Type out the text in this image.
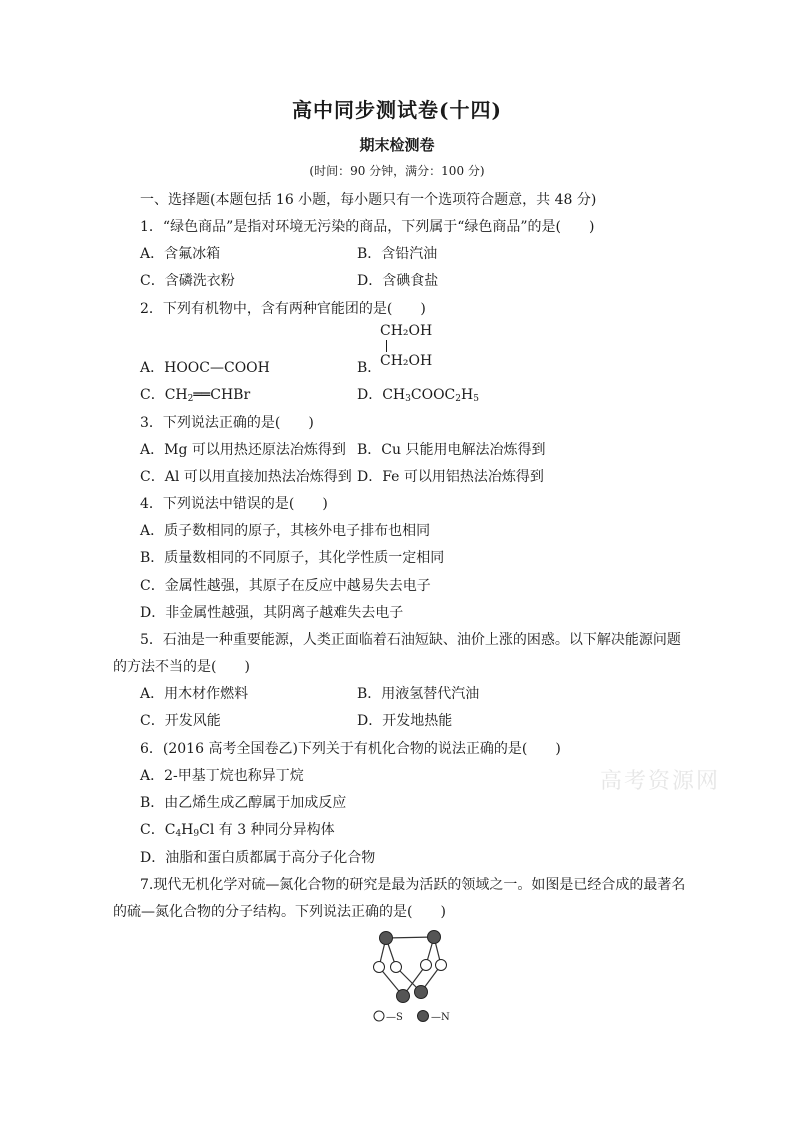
高中同步测试卷(十四)
期末检测卷
(时间：90 分钟，满分：100 分)
一、选择题(本题包括 16 小题，每小题只有一个选项符合题意，共 48 分)
1．“绿色商品”是指对环境无污染的商品，下列属于“绿色商品”的是(　　)
A．含氟冰箱	B．含铅汽油
C．含磷洗衣粉	D．含碘食盐
2．下列有机物中，含有两种官能团的是(　　)
A．HOOC—COOH	B．
CH₂OH
CH₂OH
C．$CH_2══CHBr$	D．$CH_3COOC_2H_5$
3．下列说法正确的是(　　)
A．Mg 可以用热还原法冶炼得到 B．Cu 只能用电解法冶炼得到
C．Al 可以用直接加热法冶炼得到 D．Fe 可以用铝热法冶炼得到
4．下列说法中错误的是(　　)
A．质子数相同的原子，其核外电子排布也相同
B．质量数相同的不同原子，其化学性质一定相同
C．金属性越强，其原子在反应中越易失去电子
D．非金属性越强，其阴离子越难失去电子
5．石油是一种重要能源，人类正面临着石油短缺、油价上涨的困惑。以下解决能源问题
的方法不当的是(　　)
A．用木材作燃料	B．用液氢替代汽油
C．开发风能	D．开发地热能
6．(2016 高考全国卷乙)下列关于有机化合物的说法正确的是(　　)
A．2-甲基丁烷也称异丁烷
B．由乙烯生成乙醇属于加成反应
C．$C_4H_9Cl$ 有 3 种同分异构体
D．油脂和蛋白质都属于高分子化合物
7.现代无机化学对硫—氮化合物的研究是最为活跃的领域之一。如图是已经合成的最著名
的硫—氮化合物的分子结构。下列说法正确的是(　　)
—S	—N
高考资源网
